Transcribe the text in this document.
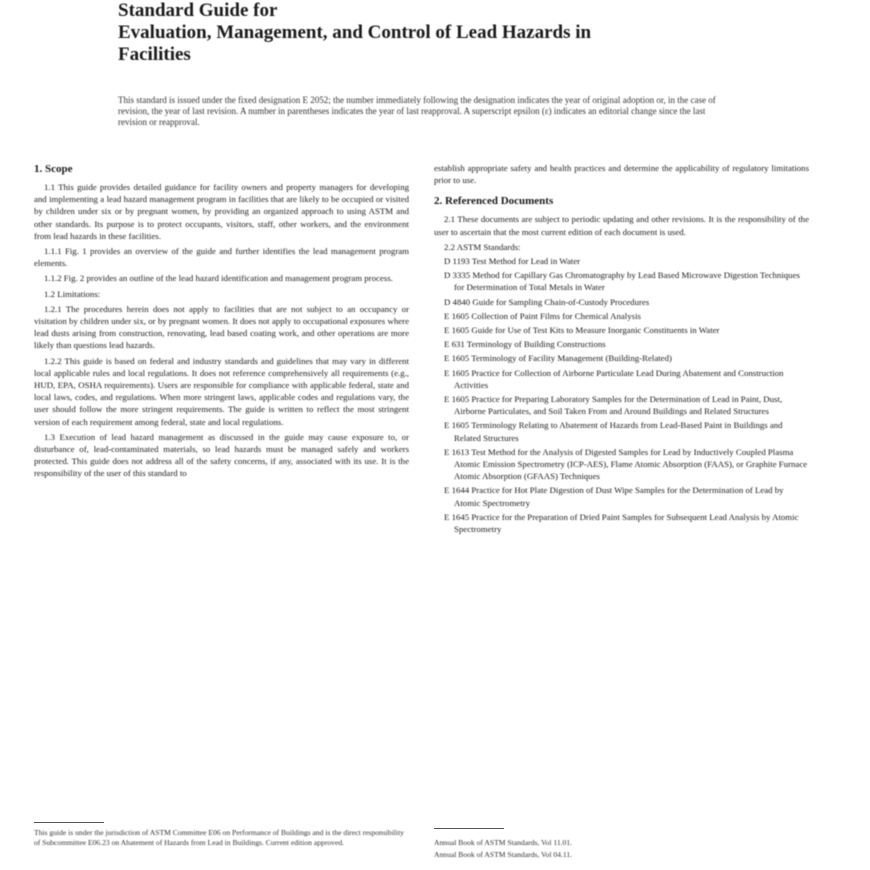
Standard Guide for

Evaluation, Management, and Control of Lead Hazards in

Facilities

This standard is issued under the fixed designation E 2052; the number immediately following the designation indicates the year of original adoption or, in the case of revision, the year of last revision. A number in parentheses indicates the year of last reapproval. A superscript epsilon (ε) indicates an editorial change since the last revision or reapproval.

1. Scope

1.1 This guide provides detailed guidance for facility owners and property managers for developing and implementing a lead hazard management program in facilities that are likely to be occupied or visited by children under six or by pregnant women, by providing an organized approach to using ASTM and other standards. Its purpose is to protect occupants, visitors, staff, other workers, and the environment from lead hazards in these facilities.

1.1.1 Fig. 1 provides an overview of the guide and further identifies the lead management program elements.

1.1.2 Fig. 2 provides an outline of the lead hazard identification and management program process.

1.2 Limitations:

1.2.1 The procedures herein does not apply to facilities that are not subject to an occupancy or visitation by children under six, or by pregnant women. It does not apply to occupational exposures where lead dusts arising from construction, renovating, lead based coating work, and other operations are more likely than questions lead hazards.

1.2.2 This guide is based on federal and industry standards and guidelines that may vary in different local applicable rules and local regulations. It does not reference comprehensively all requirements (e.g., HUD, EPA, OSHA requirements). Users are responsible for compliance with applicable federal, state and local laws, codes, and regulations. When more stringent laws, applicable codes and regulations vary, the user should follow the more stringent requirements. The guide is written to reflect the most stringent version of each requirement among federal, state and local regulations.

1.3 Execution of lead hazard management as discussed in the guide may cause exposure to, or disturbance of, lead-contaminated materials, so lead hazards must be managed safely and workers protected. This guide does not address all of the safety concerns, if any, associated with its use. It is the responsibility of the user of this standard to

establish appropriate safety and health practices and determine the applicability of regulatory limitations prior to use.

2. Referenced Documents

2.1 These documents are subject to periodic updating and other revisions. It is the responsibility of the user to ascertain that the most current edition of each document is used.

2.2 ASTM Standards:
D 1193 Test Method for Lead in Water
D 3335 Method for Capillary Gas Chromatography by Lead Based Microwave Digestion Techniques for Determination of Total Metals in Water
D 4840 Guide for Sampling Chain-of-Custody Procedures
E 1605 Collection of Paint Films for Chemical Analysis
E 1605 Guide for Use of Test Kits to Measure Inorganic Constituents in Water
E 631 Terminology of Building Constructions
E 1605 Terminology of Facility Management (Building-Related)
E 1605 Practice for Collection of Airborne Particulate Lead During Abatement and Construction Activities
E 1605 Practice for Preparing Laboratory Samples for the Determination of Lead in Paint, Dust, Airborne Particulates, and Soil Taken From and Around Buildings and Related Structures
E 1605 Terminology Relating to Abatement of Hazards from Lead-Based Paint in Buildings and Related Structures
E 1613 Test Method for the Analysis of Digested Samples for Lead by Inductively Coupled Plasma Atomic Emission Spectrometry (ICP-AES), Flame Atomic Absorption (FAAS), or Graphite Furnace Atomic Absorption (GFAAS) Techniques
E 1644 Practice for Hot Plate Digestion of Dust Wipe Samples for the Determination of Lead by Atomic Spectrometry
E 1645 Practice for the Preparation of Dried Paint Samples for Subsequent Lead Analysis by Atomic Spectrometry
This guide is under the jurisdiction of ASTM Committee E06 on Performance of Buildings and is the direct responsibility of Subcommittee E06.23 on Abatement of Hazards from Lead in Buildings. Current edition approved.	Annual Book of ASTM Standards, Vol 11.01.
Annual Book of ASTM Standards, Vol 04.11.
